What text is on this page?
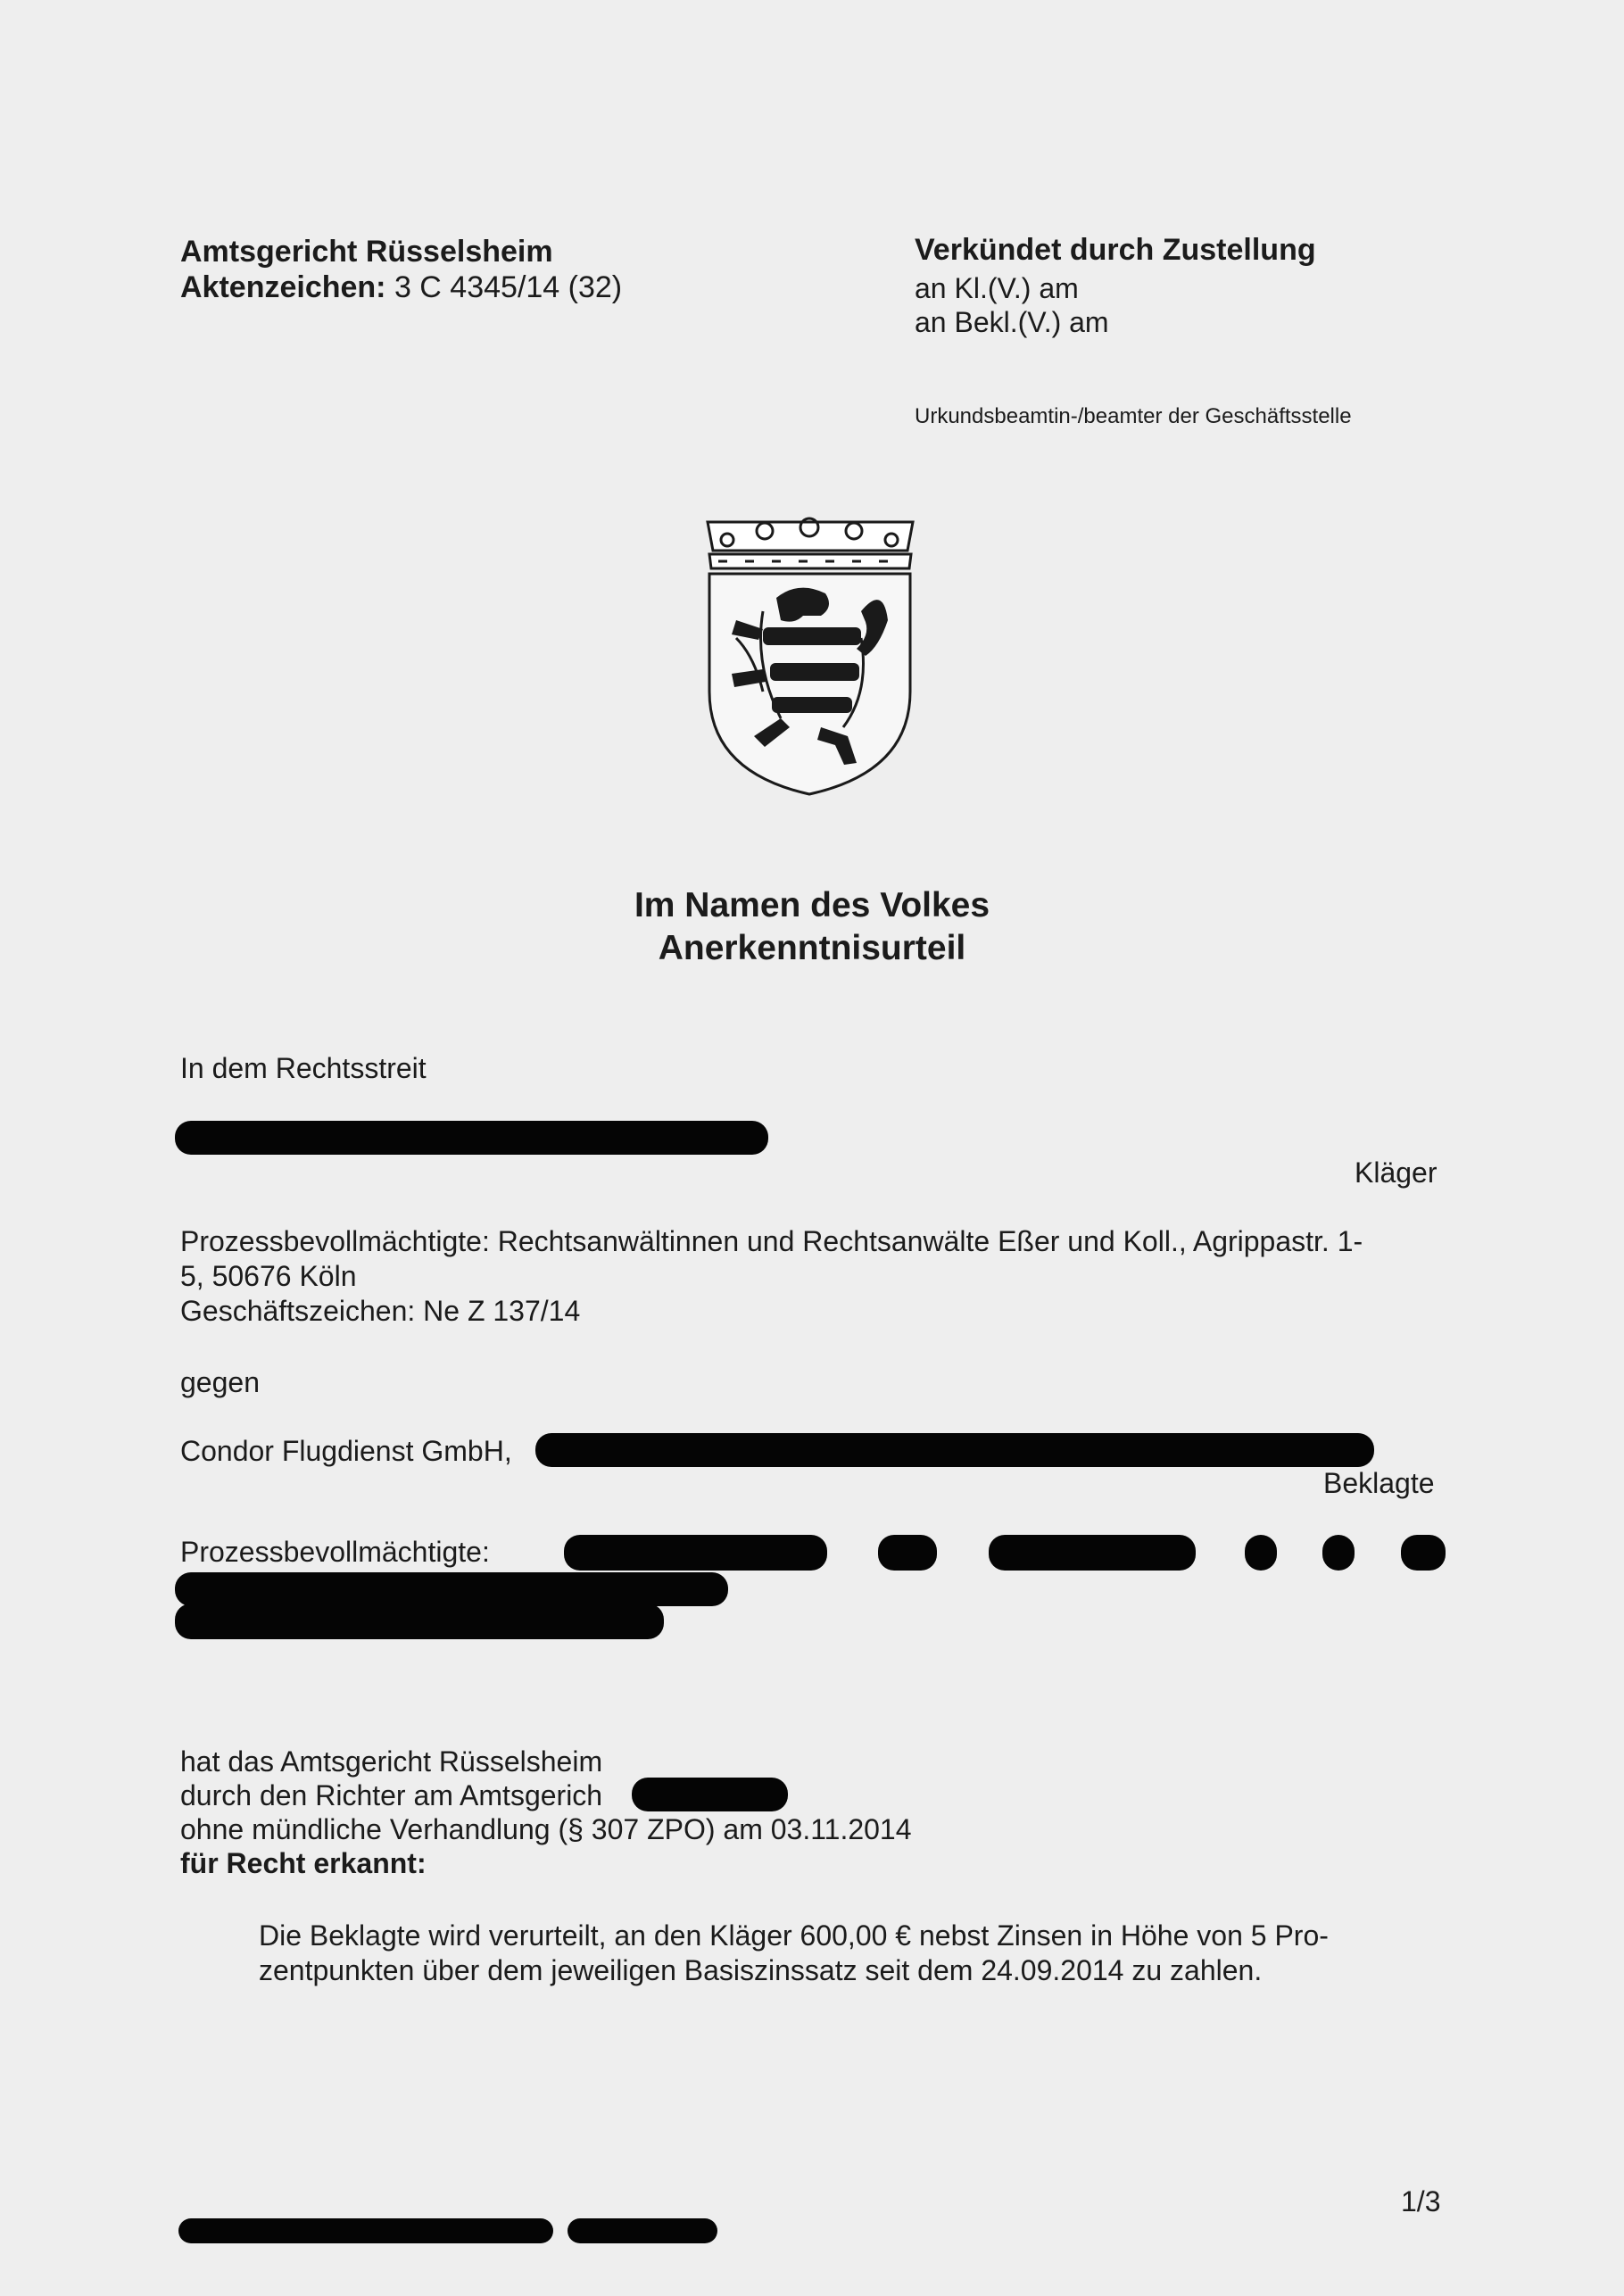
Amtsgericht Rüsselsheim
Aktenzeichen: 3 C 4345/14 (32)
Verkündet durch Zustellung
an Kl.(V.) am
an Bekl.(V.) am
Urkundsbeamtin-/beamter der Geschäftsstelle
Im Namen des Volkes
Anerkenntnisurteil
In dem Rechtsstreit
Kläger
Prozessbevollmächtigte: Rechtsanwältinnen und Rechtsanwälte Eßer und Koll., Agrippastr. 1-
5, 50676 Köln
Geschäftszeichen: Ne Z 137/14
gegen
Condor Flugdienst GmbH,
Beklagte
Prozessbevollmächtigte:
hat das Amtsgericht Rüsselsheim
durch den Richter am Amtsgerich
ohne mündliche Verhandlung (§ 307 ZPO) am 03.11.2014
für Recht erkannt:
Die Beklagte wird verurteilt, an den Kläger 600,00 € nebst Zinsen in Höhe von 5 Pro-
zentpunkten über dem jeweiligen Basiszinssatz seit dem 24.09.2014 zu zahlen.
1/3
